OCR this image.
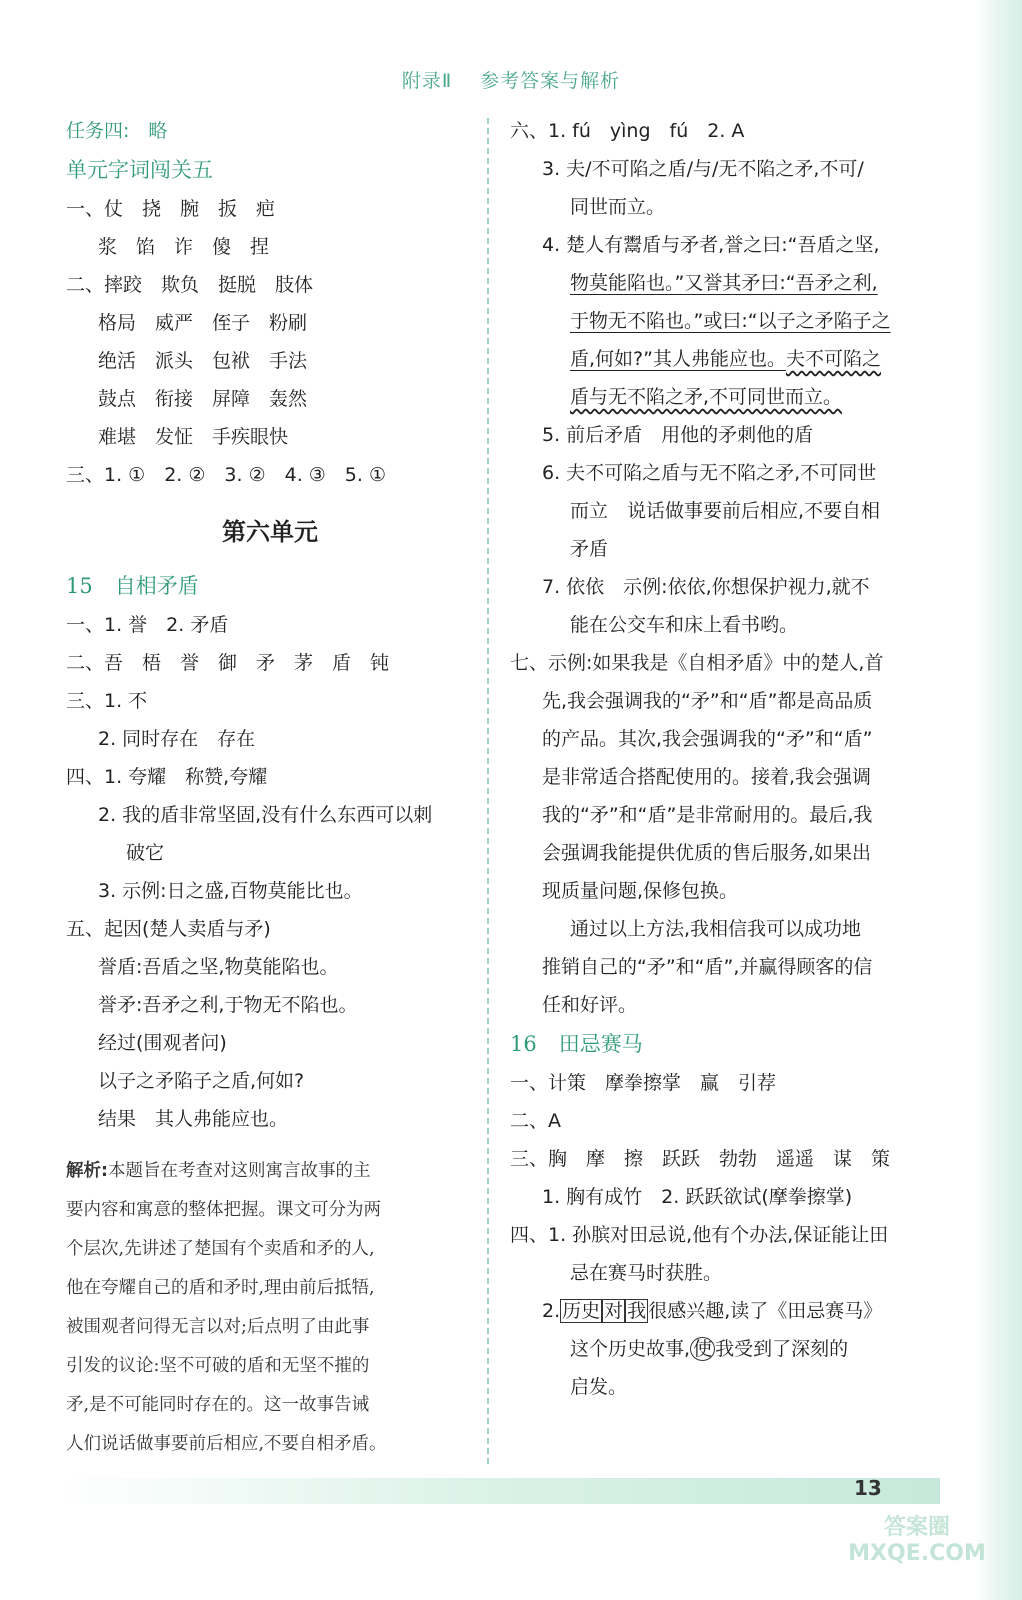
附录Ⅱ 参考答案与解析
任务四:　略
单元字词闯关五
一、仗　挠　腕　扳　疤
浆　馅　诈　傻　捏
二、摔跤　欺负　挺脱　肢体
格局　威严　侄子　粉刷
绝活　派头　包袱　手法
鼓点　衔接　屏障　轰然
难堪　发怔　手疾眼快
三、1. ①　2. ②　3. ②　4. ③　5. ①
第六单元
15 自相矛盾
一、1. 誉　2. 矛盾
二、吾　梧　誉　御　矛　茅　盾　钝
三、1. 不
2. 同时存在　存在
四、1. 夸耀　称赞,夸耀
2. 我的盾非常坚固,没有什么东西可以刺
破它
3. 示例:日之盛,百物莫能比也。
五、起因(楚人卖盾与矛)
誉盾:吾盾之坚,物莫能陷也。
誉矛:吾矛之利,于物无不陷也。
经过(围观者问)
以子之矛陷子之盾,何如?
结果　其人弗能应也。
解析:本题旨在考查对这则寓言故事的主
要内容和寓意的整体把握。课文可分为两
个层次,先讲述了楚国有个卖盾和矛的人,
他在夸耀自己的盾和矛时,理由前后抵牾,
被围观者问得无言以对;后点明了由此事
引发的议论:坚不可破的盾和无坚不摧的
矛,是不可能同时存在的。这一故事告诫
人们说话做事要前后相应,不要自相矛盾。
六、1. fú　yìng　fú　2. A
3. 夫/不可陷之盾/与/无不陷之矛,不可/
同世而立。
4. 楚人有鬻盾与矛者,誉之曰:“吾盾之坚,
物莫能陷也。”又誉其矛曰:“吾矛之利,
于物无不陷也。”或曰:“以子之矛陷子之
盾,何如?”其人弗能应也。夫不可陷之
盾与无不陷之矛,不可同世而立。
5. 前后矛盾　用他的矛刺他的盾
6. 夫不可陷之盾与无不陷之矛,不可同世
而立　说话做事要前后相应,不要自相
矛盾
7. 依依　示例:依依,你想保护视力,就不
能在公交车和床上看书哟。
七、示例:如果我是《自相矛盾》中的楚人,首
先,我会强调我的“矛”和“盾”都是高品质
的产品。其次,我会强调我的“矛”和“盾”
是非常适合搭配使用的。接着,我会强调
我的“矛”和“盾”是非常耐用的。最后,我
会强调我能提供优质的售后服务,如果出
现质量问题,保修包换。
通过以上方法,我相信我可以成功地
推销自己的“矛”和“盾”,并赢得顾客的信
任和好评。
16 田忌赛马
一、计策　摩拳擦掌　赢　引荐
二、A
三、胸　摩　擦　跃跃　勃勃　遥遥　谋　策
1. 胸有成竹　2. 跃跃欲试(摩拳擦掌)
四、1. 孙膑对田忌说,他有个办法,保证能让田
忌在赛马时获胜。
2. 历史 对 我 很感兴趣,读了《田忌赛马》
这个历史故事, 使 我受到了深刻的
启发。
13
答案圈 MXQE.COM
